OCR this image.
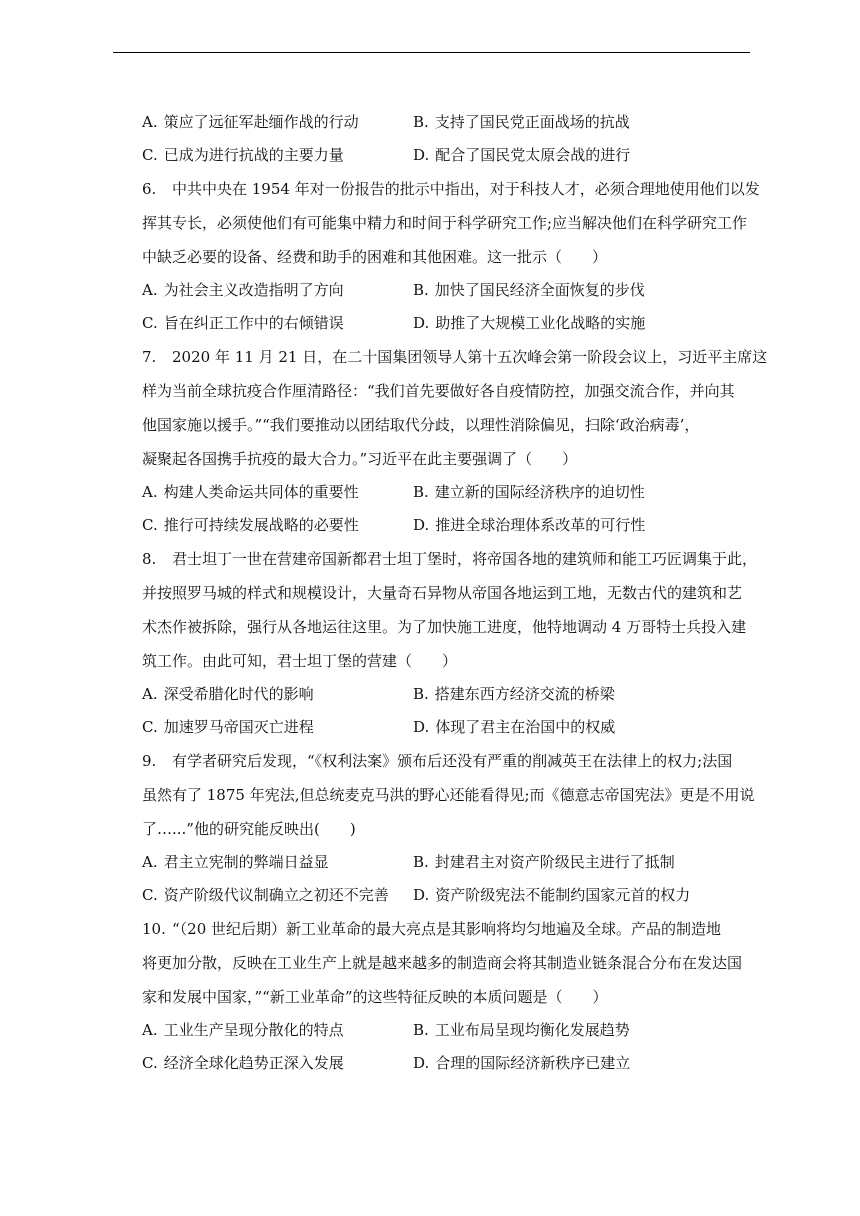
A. 策应了远征军赴缅作战的行动	B. 支持了国民党正面战场的抗战
C. 已成为进行抗战的主要力量	D. 配合了国民党太原会战的进行
6. 中共中央在 1954 年对一份报告的批示中指出，对于科技人才，必须合理地使用他们以发
挥其专长，必须使他们有可能集中精力和时间于科学研究工作;应当解决他们在科学研究工作
中缺乏必要的设备、经费和助手的困难和其他困难。这一批示（　　）
A. 为社会主义改造指明了方向	B. 加快了国民经济全面恢复的步伐
C. 旨在纠正工作中的右倾错误	D. 助推了大规模工业化战略的实施
7. 2020 年 11 月 21 日，在二十国集团领导人第十五次峰会第一阶段会议上，习近平主席这
样为当前全球抗疫合作厘清路径：“我们首先要做好各自疫情防控，加强交流合作，并向其
他国家施以援手。”“我们要推动以团结取代分歧，以理性消除偏见，扫除‘政治病毒’，
凝聚起各国携手抗疫的最大合力。”习近平在此主要强调了（　　）
A. 构建人类命运共同体的重要性	B. 建立新的国际经济秩序的迫切性
C. 推行可持续发展战略的必要性	D. 推进全球治理体系改革的可行性
8. 君士坦丁一世在营建帝国新都君士坦丁堡时，将帝国各地的建筑师和能工巧匠调集于此，
并按照罗马城的样式和规模设计，大量奇石异物从帝国各地运到工地，无数古代的建筑和艺
术杰作被拆除，强行从各地运往这里。为了加快施工进度，他特地调动 4 万哥特士兵投入建
筑工作。由此可知，君士坦丁堡的营建（　　）
A. 深受希腊化时代的影响	B. 搭建东西方经济交流的桥梁
C. 加速罗马帝国灭亡进程	D. 体现了君主在治国中的权威
9. 有学者研究后发现，“《权利法案》颁布后还没有严重的削减英王在法律上的权力;法国
虽然有了 1875 年宪法,但总统麦克马洪的野心还能看得见;而《德意志帝国宪法》更是不用说
了…...”他的研究能反映出(　　)
A. 君主立宪制的弊端日益显	B. 封建君主对资产阶级民主进行了抵制
C. 资产阶级代议制确立之初还不完善 D. 资产阶级宪法不能制约国家元首的权力
10. “（20 世纪后期）新工业革命的最大亮点是其影响将均匀地遍及全球。产品的制造地
将更加分散，反映在工业生产上就是越来越多的制造商会将其制造业链条混合分布在发达国
家和发展中国家，”“新工业革命”的这些特征反映的本质问题是（　　）
A. 工业生产呈现分散化的特点	B. 工业布局呈现均衡化发展趋势
C. 经济全球化趋势正深入发展	D. 合理的国际经济新秩序已建立
